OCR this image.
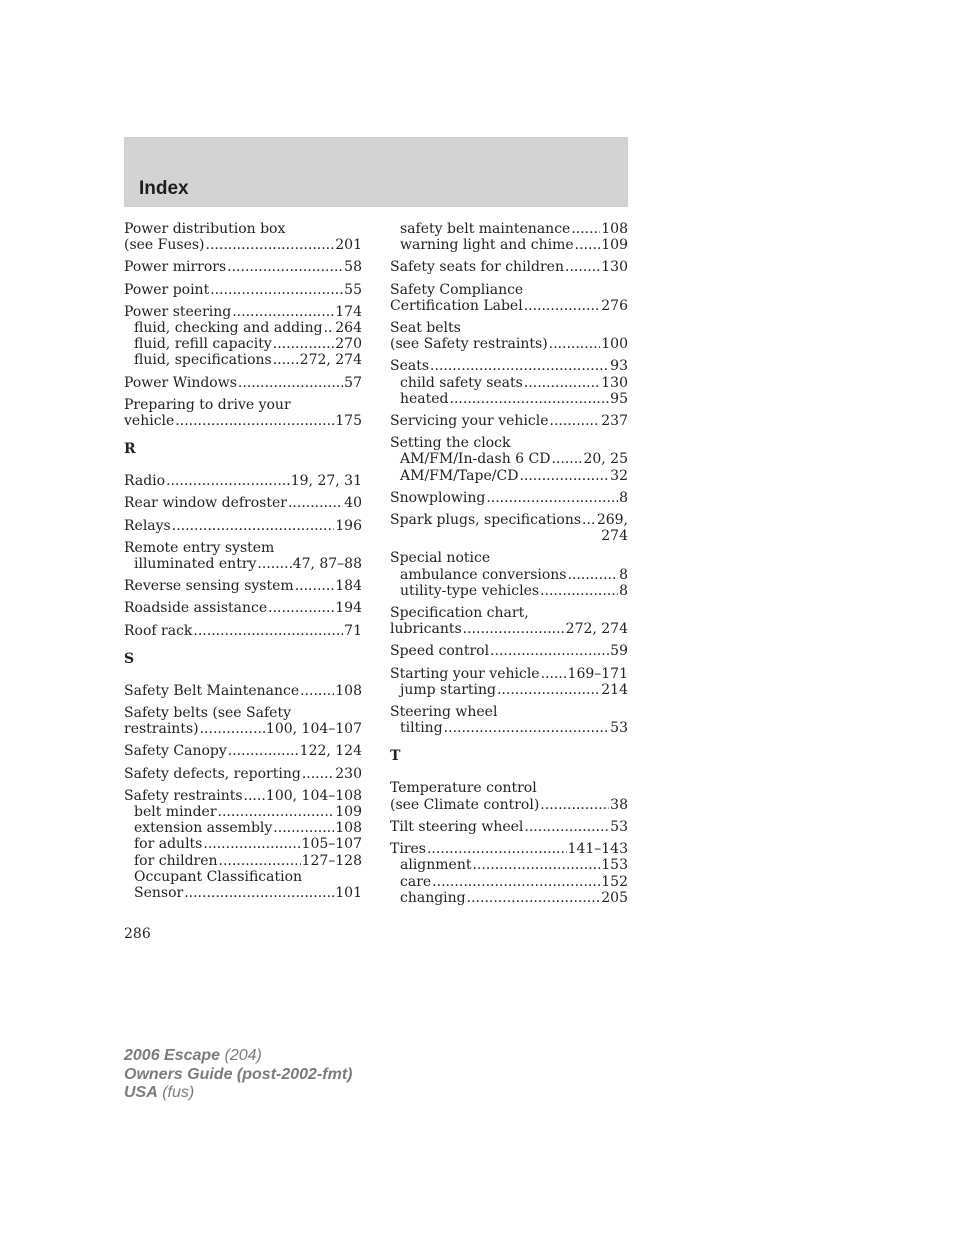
Index
Power distribution box
(see Fuses) .....	201
Power mirrors .....	58
Power point .....	55
Power steering .....	174
fluid, checking and adding ..... 264
fluid, refill capacity .....	270
fluid, specifications ..... 272, 274
Power Windows .....	57
Preparing to drive your
vehicle .....	175
R
Radio .....	19, 27, 31
Rear window defroster .....	40
Relays .....	196
Remote entry system
illuminated entry .....	47, 87–88
Reverse sensing system .....	184
Roadside assistance .....	194
Roof rack .....	71
S
Safety Belt Maintenance .....	108
Safety belts (see Safety
restraints) .....	100, 104–107
Safety Canopy .....	122, 124
Safety defects, reporting ..... 230
Safety restraints ..... 100, 104–108
belt minder .....	109
extension assembly .....	108
for adults .....	105–107
for children .....	127–128
Occupant Classification
Sensor .....	101
safety belt maintenance ..... 108
warning light and chime ..... 109
Safety seats for children .....	130
Safety Compliance
Certification Label .....	276
Seat belts
(see Safety restraints) .....	100
Seats .....	93
child safety seats .....	130
heated .....	95
Servicing your vehicle .....	237
Setting the clock
AM/FM/In-dash 6 CD ..... 20, 25
AM/FM/Tape/CD .....	32
Snowplowing .....	8
Spark plugs, specifications ..... 269,
274
Special notice
ambulance conversions .....	8
utility-type vehicles .....	8
Specification chart,
lubricants .....	272, 274
Speed control .....	59
Starting your vehicle ..... 169–171
jump starting .....	214
Steering wheel
tilting .....	53
T
Temperature control
(see Climate control) .....	38
Tilt steering wheel .....	53
Tires .....	141–143
alignment .....	153
care .....	152
changing .....	205
286
2006 Escape (204)
Owners Guide (post-2002-fmt)
USA (fus)
